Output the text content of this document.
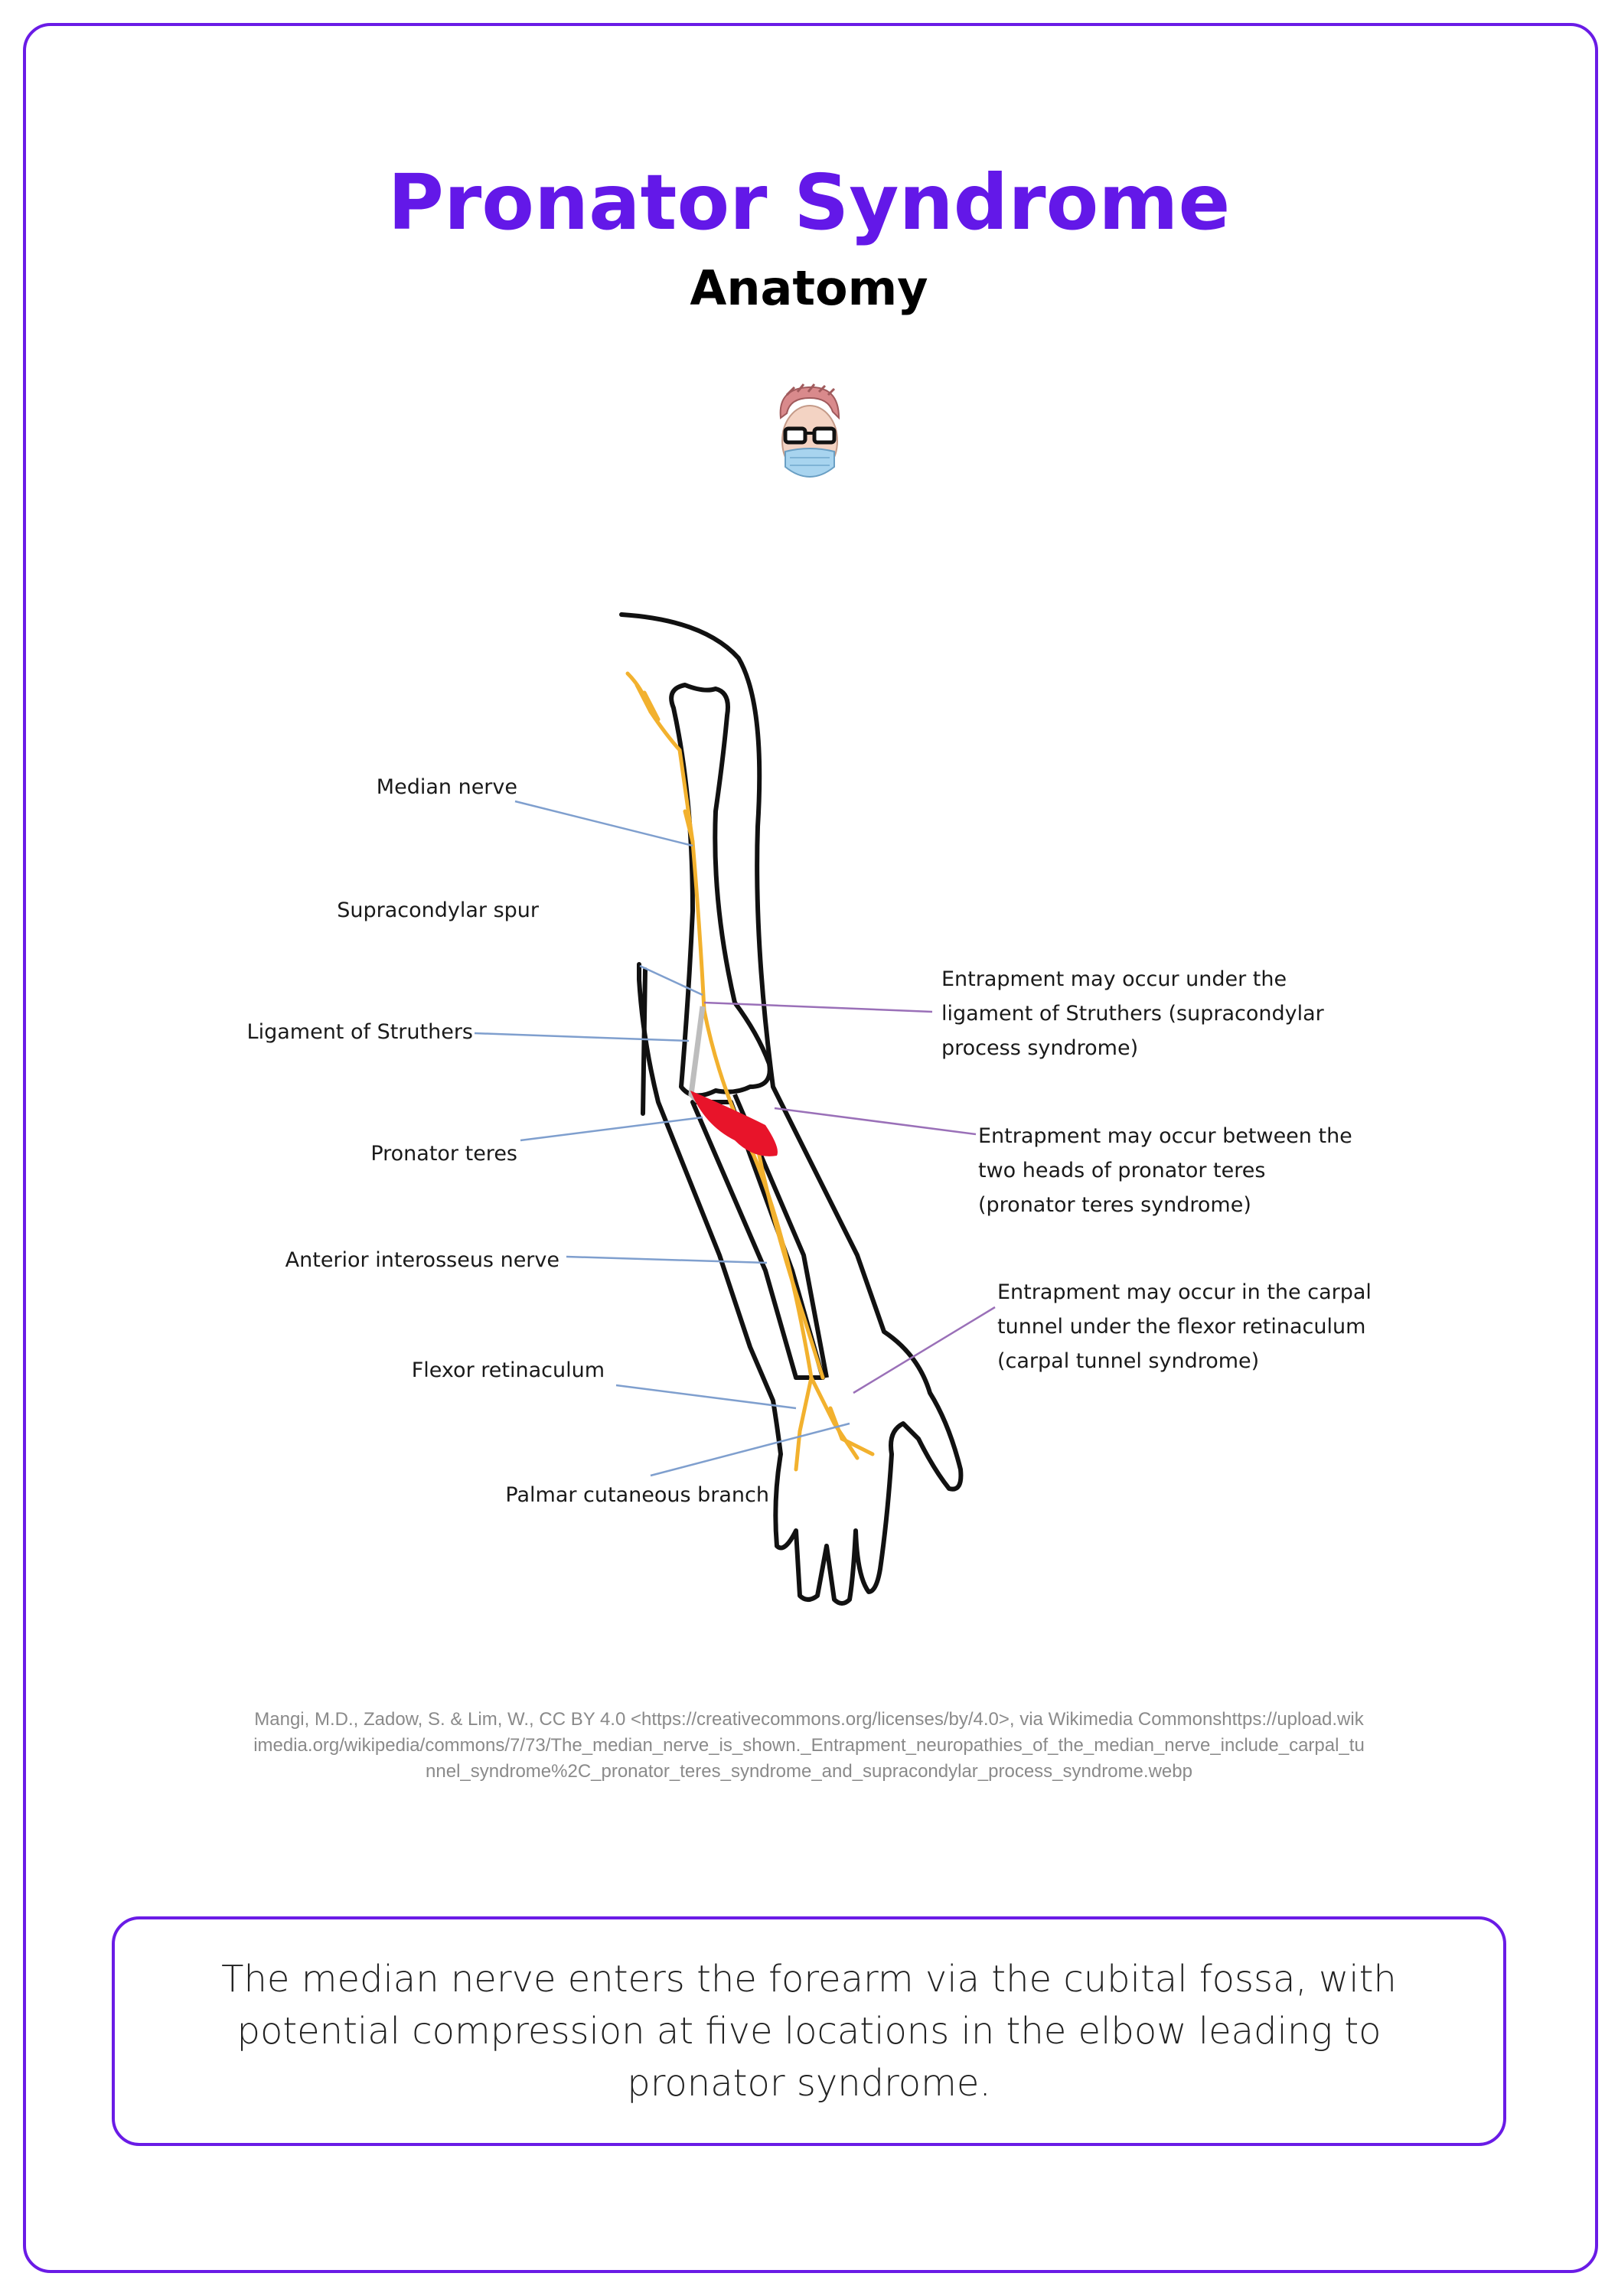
Pronator Syndrome
Anatomy
Median nerve
Supracondylar spur
Ligament of Struthers
Pronator teres
Anterior interosseus nerve
Flexor retinaculum
Palmar cutaneous branch
Entrapment may occur under the ligament of Struthers (supracondylar process syndrome)
Entrapment may occur between the two heads of pronator teres (pronator teres syndrome)
Entrapment may occur in the carpal tunnel under the flexor retinaculum (carpal tunnel syndrome)
Mangi, M.D., Zadow, S. & Lim, W., CC BY 4.0 <https://creativecommons.org/licenses/by/4.0>, via Wikimedia Commonshttps://upload.wikimedia.org/wikipedia/commons/7/73/The_median_nerve_is_shown._Entrapment_neuropathies_of_the_median_nerve_include_carpal_tunnel_syndrome%2C_pronator_teres_syndrome_and_supracondylar_process_syndrome.webp
The median nerve enters the forearm via the cubital fossa, with potential compression at five locations in the elbow leading to pronator syndrome.
